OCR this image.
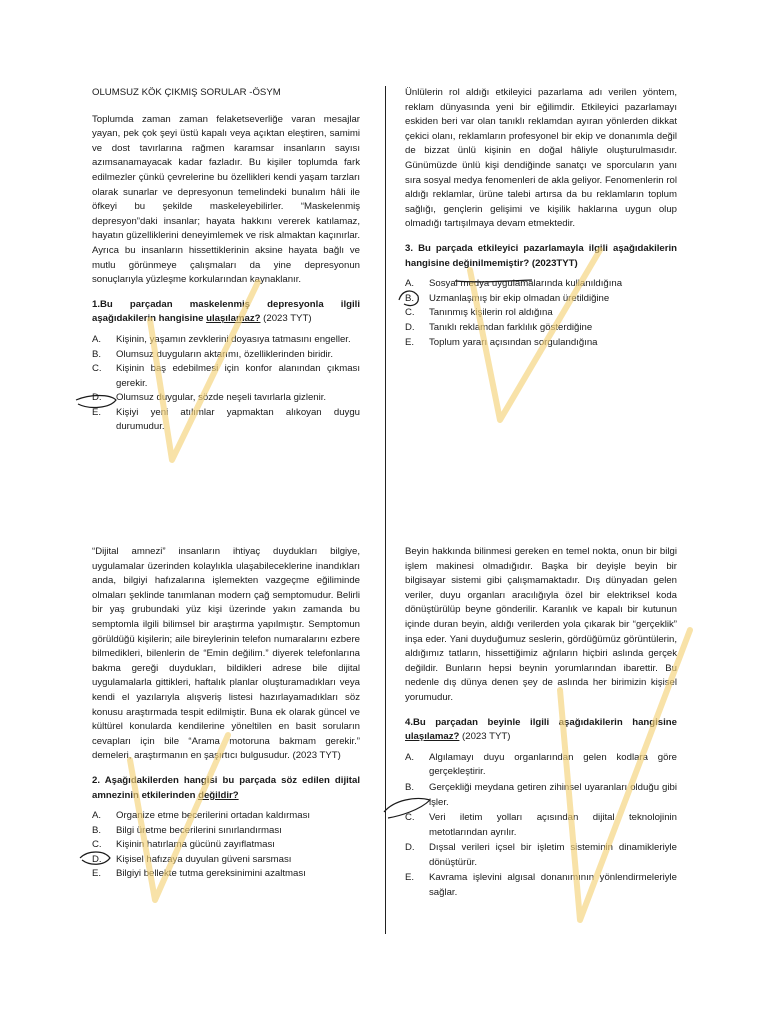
OLUMSUZ KÖK ÇIKMIŞ SORULAR -ÖSYM

Toplumda zaman zaman felaketseverliğe varan mesajlar yayan, pek çok şeyi üstü kapalı veya açıktan eleştiren, samimi ve dost tavırlarına rağmen karamsar insanların sayısı azımsanamayacak kadar fazladır. Bu kişiler toplumda fark edilmezler çünkü çevrelerine bu özellikleri kendi yaşam tarzları olarak sunarlar ve depresyonun temelindeki bunalım hâli ile öfkeyi bu şekilde maskeleyebilirler. “Maskelenmiş depresyon”daki insanlar; hayata hakkını vererek katılamaz, hayatın güzelliklerini deneyimlemek ve risk almaktan kaçınırlar. Ayrıca bu insanların hissettiklerinin aksine hayata bağlı ve mutlu görünmeye çalışmaları da yine depresyonun sonuçlarıyla yüzleşme korkularından kaynaklanır.

1.Bu parçadan maskelenmiş depresyonla ilgili aşağıdakilerin hangisine ulaşılamaz? (2023 TYT)

A.	Kişinin, yaşamın zevklerini doyasıya tatmasını engeller.
B.	Olumsuz duyguların aktarımı, özelliklerinden biridir.
C.	Kişinin baş edebilmesi için konfor alanından çıkması gerekir.
D.	Olumsuz duygular, sözde neşeli tavırlarla gizlenir.
E.	Kişiyi yeni atılımlar yapmaktan alıkoyan duygu durumudur.

Ünlülerin rol aldığı etkileyici pazarlama adı verilen yöntem, reklam dünyasında yeni bir eğilimdir. Etkileyici pazarlamayı eskiden beri var olan tanıklı reklamdan ayıran yönlerden dikkat çekici olanı, reklamların profesyonel bir ekip ve donanımla değil de bizzat ünlü kişinin en doğal hâliyle oluşturulmasıdır. Günümüzde ünlü kişi dendiğinde sanatçı ve sporcuların yanı sıra sosyal medya fenomenleri de akla geliyor. Fenomenlerin rol aldığı reklamlar, ürüne talebi artırsa da bu reklamların toplum sağlığı, gençlerin gelişimi ve kişilik haklarına uygun olup olmadığı tartışılmaya devam etmektedir.

3. Bu parçada etkileyici pazarlamayla ilgili aşağıdakilerin hangisine değinilmemiştir? (2023TYT)

A.	Sosyal medya uygulamalarında kullanıldığına
B.	Uzmanlaşmış bir ekip olmadan üretildiğine
C.	Tanınmış kişilerin rol aldığına
D.	Tanıklı reklamdan farklılık gösterdiğine
E.	Toplum yararı açısından sorgulandığına

“Dijital amnezi” insanların ihtiyaç duydukları bilgiye, uygulamalar üzerinden kolaylıkla ulaşabileceklerine inandıkları anda, bilgiyi hafızalarına işlemekten vazgeçme eğiliminde olmaları şeklinde tanımlanan modern çağ semptomudur. Belirli bir yaş grubundaki yüz kişi üzerinde yakın zamanda bu semptomla ilgili bilimsel bir araştırma yapılmıştır. Semptomun görüldüğü kişilerin; aile bireylerinin telefon numaralarını ezbere bilmedikleri, bilenlerin de “Emin değilim.” diyerek telefonlarına bakma gereği duydukları, bildikleri adrese bile dijital uygulamalarla gittikleri, haftalık planlar oluşturamadıkları veya kendi el yazılarıyla alışveriş listesi hazırlayamadıkları söz konusu araştırmada tespit edilmiştir. Buna ek olarak güncel ve kültürel konularda kendilerine yöneltilen en basit soruların cevapları için bile “Arama motoruna bakmam gerekir.” demeleri, araştırmanın en şaşırtıcı bulgusudur. (2023 TYT)

2. Aşağıdakilerden hangisi bu parçada söz edilen dijital amnezinin etkilerinden değildir?

A.	Organize etme becerilerini ortadan kaldırması
B.	Bilgi üretme becerilerini sınırlandırması
C.	Kişinin hatırlama gücünü zayıflatması
D.	Kişisel hafızaya duyulan güveni sarsması
E.	Bilgiyi bellekte tutma gereksinimini azaltması

Beyin hakkında bilinmesi gereken en temel nokta, onun bir bilgi işlem makinesi olmadığıdır. Başka bir deyişle beyin bir bilgisayar sistemi gibi çalışmamaktadır. Dış dünyadan gelen veriler, duyu organları aracılığıyla özel bir elektriksel koda dönüştürülüp beyne gönderilir. Karanlık ve kapalı bir kutunun içinde duran beyin, aldığı verilerden yola çıkarak bir “gerçeklik” inşa eder. Yani duyduğumuz seslerin, gördüğümüz görüntülerin, aldığımız tatların, hissettiğimiz ağrıların hiçbiri aslında gerçek değildir. Bunların hepsi beynin yorumlarından ibarettir. Bu nedenle dış dünya denen şey de aslında her birimizin kişisel yorumudur.

4.Bu parçadan beyinle ilgili aşağıdakilerin hangisine ulaşılamaz? (2023 TYT)

A.	Algılamayı duyu organlarından gelen kodlara göre gerçekleştirir.
B.	Gerçekliği meydana getiren zihinsel uyaranları olduğu gibi işler.
C.	Veri iletim yolları açısından dijital teknolojinin metotlarından ayrılır.
D.	Dışsal verileri içsel bir işletim sisteminin dinamikleriyle dönüştürür.
E.	Kavrama işlevini algısal donanımının yönlendirmeleriyle sağlar.
